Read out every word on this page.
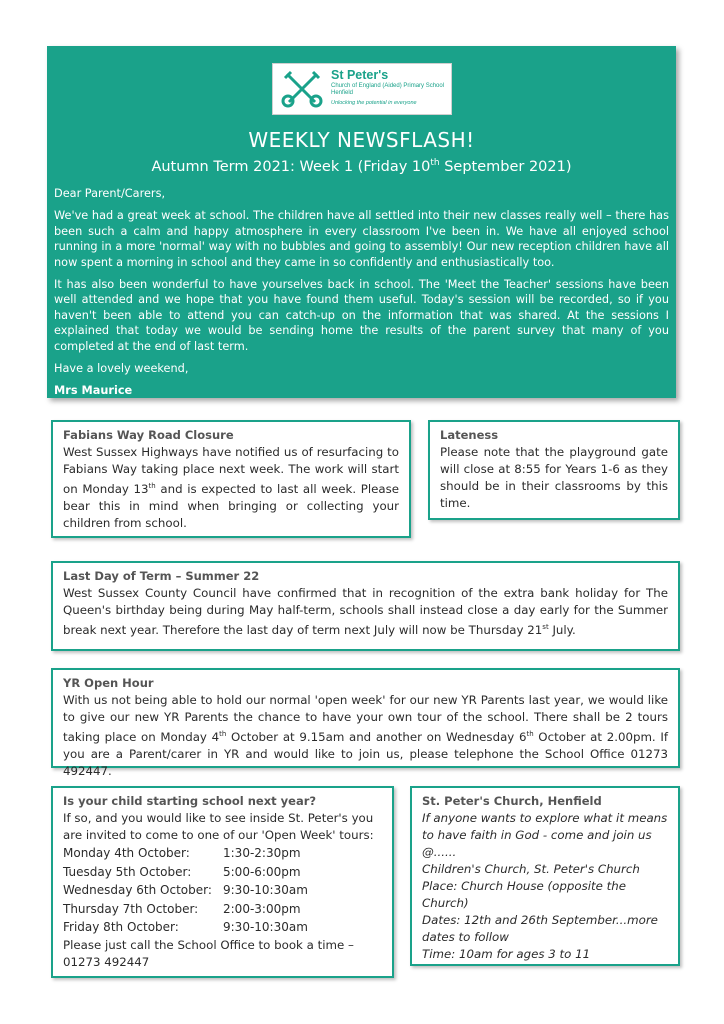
St Peter's
Church of England (Aided) Primary School
Henfield
Unlocking the potential in everyone
WEEKLY NEWSFLASH!
Autumn Term 2021: Week 1 (Friday 10th September 2021)

Dear Parent/Carers,

We've had a great week at school. The children have all settled into their new classes really well – there has been such a calm and happy atmosphere in every classroom I've been in. We have all enjoyed school running in a more 'normal' way with no bubbles and going to assembly! Our new reception children have all now spent a morning in school and they came in so confidently and enthusiastically too.

It has also been wonderful to have yourselves back in school. The 'Meet the Teacher' sessions have been well attended and we hope that you have found them useful. Today's session will be recorded, so if you haven't been able to attend you can catch-up on the information that was shared. At the sessions I explained that today we would be sending home the results of the parent survey that many of you completed at the end of last term.

Have a lovely weekend,

Mrs Maurice

Fabians Way Road Closure
West Sussex Highways have notified us of resurfacing to Fabians Way taking place next week. The work will start on Monday 13th and is expected to last all week. Please bear this in mind when bringing or collecting your children from school.
Lateness
Please note that the playground gate will close at 8:55 for Years 1-6 as they should be in their classrooms by this time.
Last Day of Term – Summer 22
West Sussex County Council have confirmed that in recognition of the extra bank holiday for The Queen's birthday being during May half-term, schools shall instead close a day early for the Summer break next year. Therefore the last day of term next July will now be Thursday 21st July.
YR Open Hour
With us not being able to hold our normal 'open week' for our new YR Parents last year, we would like to give our new YR Parents the chance to have your own tour of the school. There shall be 2 tours taking place on Monday 4th October at 9.15am and another on Wednesday 6th October at 2.00pm. If you are a Parent/carer in YR and would like to join us, please telephone the School Office 01273 492447.
Is your child starting school next year?
If so, and you would like to see inside St. Peter's you are invited to come to one of our 'Open Week' tours:
Monday 4th October:	1:30-2:30pm
Tuesday 5th October:	5:00-6:00pm
Wednesday 6th October: 9:30-10:30am
Thursday 7th October:	2:00-3:00pm
Friday 8th October:	9:30-10:30am
Please just call the School Office to book a time – 01273 492447
St. Peter's Church, Henfield
If anyone wants to explore what it means to have faith in God - come and join us @......
Children's Church, St. Peter's Church
Place: Church House (opposite the Church)
Dates: 12th and 26th September...more dates to follow
Time: 10am for ages 3 to 11
